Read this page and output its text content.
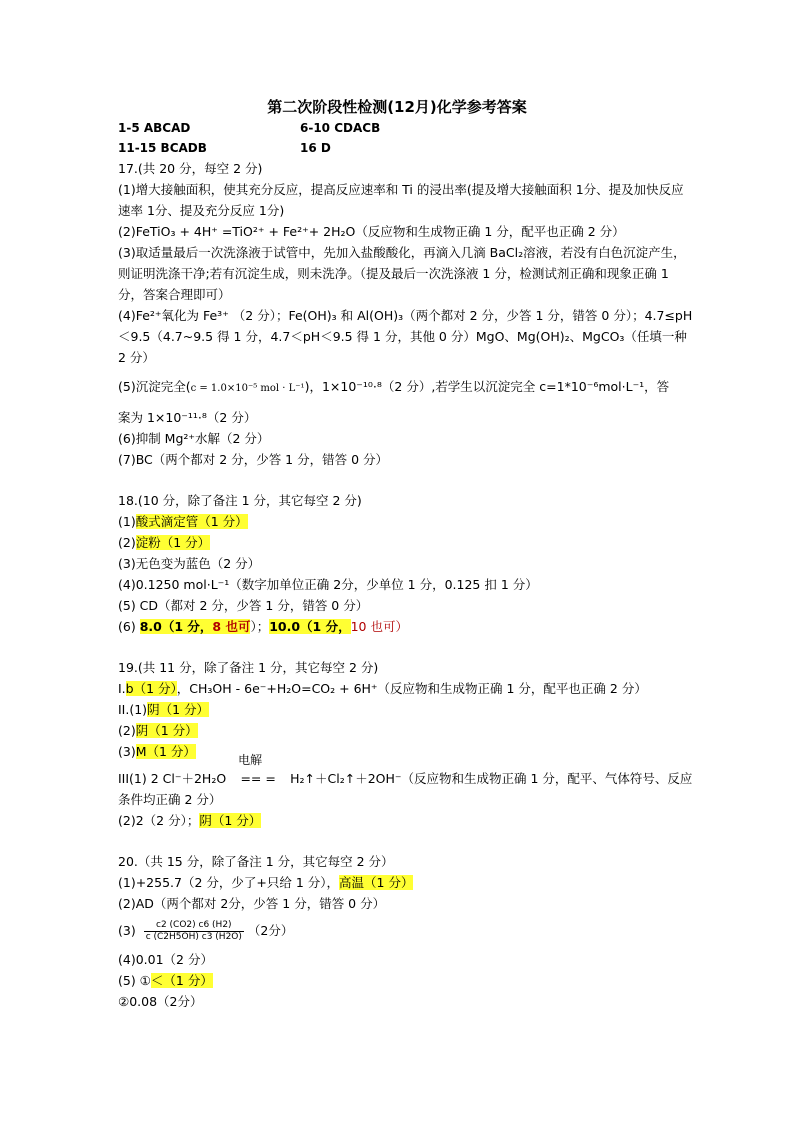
第二次阶段性检测(12月)化学参考答案
1-5 ABCAD	6-10 CDACB
11-15 BCADB	16 D
17.(共 20 分，每空 2 分)
(1)增大接触面积，使其充分反应，提高反应速率和 Ti 的浸出率(提及增大接触面积 1分、提及加快反应速率 1分、提及充分反应 1分)
(2)FeTiO₃ + 4H⁺ =TiO²⁺ + Fe²⁺+ 2H₂O（反应物和生成物正确 1 分，配平也正确 2 分）
(3)取适量最后一次洗涤液于试管中，先加入盐酸酸化，再滴入几滴 BaCl₂溶液，若没有白色沉淀产生，则证明洗涤干净;若有沉淀生成，则未洗净。（提及最后一次洗涤液 1 分，检测试剂正确和现象正确 1 分，答案合理即可）
(4)Fe²⁺氧化为 Fe³⁺ （2 分）；Fe(OH)₃ 和 Al(OH)₃（两个都对 2 分，少答 1 分，错答 0 分）；4.7≤pH＜9.5（4.7~9.5 得 1 分，4.7＜pH＜9.5 得 1 分，其他 0 分）MgO、Mg(OH)₂、MgCO₃（任填一种 2 分）
(5)沉淀完全(c = 1.0×10⁻⁵ mol · L⁻¹)，1×10⁻¹⁰·⁸（2 分）,若学生以沉淀完全 c=1*10⁻⁶mol·L⁻¹，答
案为 1×10⁻¹¹·⁸（2 分）
(6)抑制 Mg²⁺水解（2 分）
(7)BC（两个都对 2 分，少答 1 分，错答 0 分）
18.(10 分，除了备注 1 分，其它每空 2 分)
(1)酸式滴定管（1 分）
(2)淀粉（1 分）
(3)无色变为蓝色（2 分）
(4)0.1250 mol·L⁻¹（数字加单位正确 2分，少单位 1 分，0.125 扣 1 分）
(5) CD（都对 2 分，少答 1 分，错答 0 分）
(6) 8.0（1 分，8 也可）；10.0（1 分，10 也可）
19.(共 11 分，除了备注 1 分，其它每空 2 分)
I.b（1 分），CH₃OH - 6e⁻+H₂O=CO₂ + 6H⁺（反应物和生成物正确 1 分，配平也正确 2 分）
II.(1)阴（1 分）
(2)阴（1 分）
(3)M（1 分）
III(1) 2 Cl⁻＋2H₂O
电解
== = H₂↑＋Cl₂↑＋2OH⁻（反应物和生成物正确 1 分，配平、气体符号、反应条件均正确 2 分）
(2)2（2 分）；阴（1 分）
20.（共 15 分，除了备注 1 分，其它每空 2 分）
(1)+255.7（2 分，少了+只给 1 分），高温（1 分）
(2)AD（两个都对 2分，少答 1 分，错答 0 分）
$(3) \frac{c2 (CO2) c6 (H2)}{c (C2H5OH) c3 (H2O)} (2$分）
(4)0.01（2 分）
(5) ①＜（1 分）
②0.08（2分）
